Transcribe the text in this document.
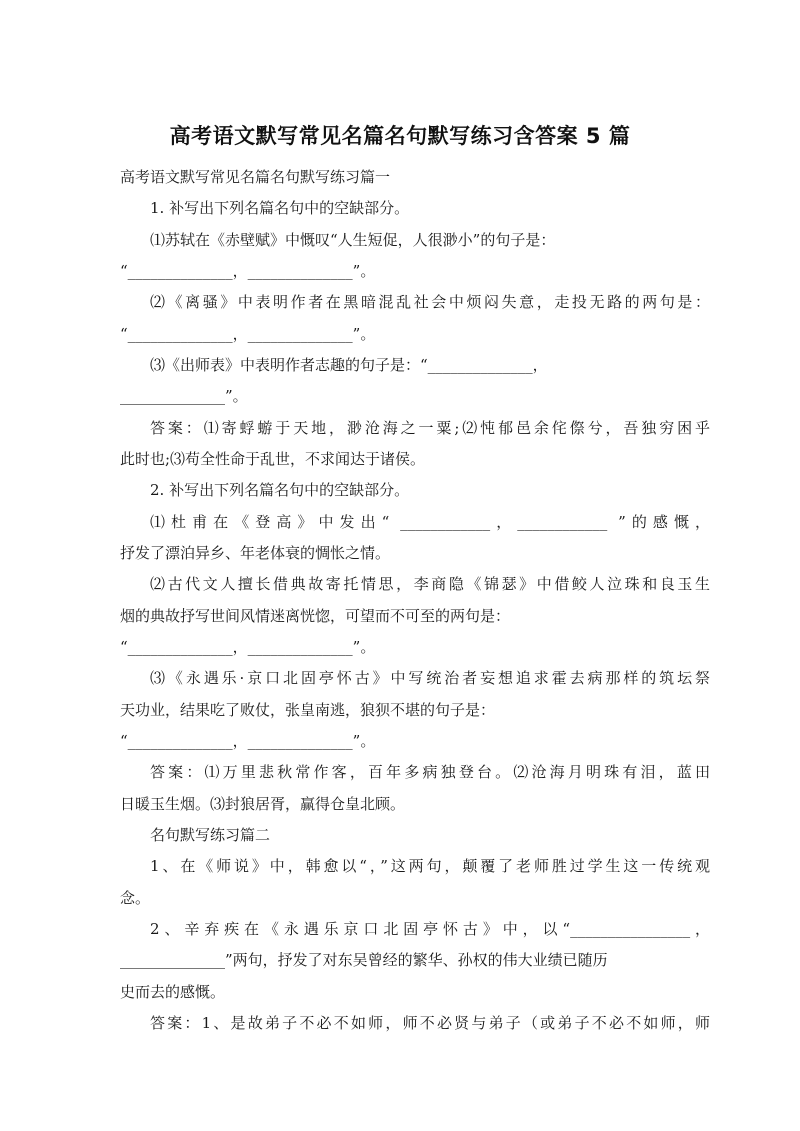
高考语文默写常见名篇名句默写练习含答案 5 篇
高考语文默写常见名篇名句默写练习篇一
1. 补写出下列名篇名句中的空缺部分。
⑴苏轼在《赤壁赋》中慨叹“人生短促，人很渺小”的句子是：
“______________，______________”。
⑵《离骚》中表明作者在黑暗混乱社会中烦闷失意，走投无路的两句是：
“______________，______________”。
⑶《出师表》中表明作者志趣的句子是：“______________，
______________”。
答案：⑴寄蜉蝣于天地，渺沧海之一粟;⑵忳郁邑余侘傺兮，吾独穷困乎
此时也;⑶苟全性命于乱世，不求闻达于诸侯。
2. 补写出下列名篇名句中的空缺部分。
⑴杜甫在《登高》中发出“ ____________，____________ ”的感慨，
抒发了漂泊异乡、年老体衰的惆怅之情。
⑵古代文人擅长借典故寄托情思，李商隐《锦瑟》中借鲛人泣珠和良玉生
烟的典故抒写世间风情迷离恍惚，可望而不可至的两句是：
“______________，______________”。
⑶《永遇乐·京口北固亭怀古》中写统治者妄想追求霍去病那样的筑坛祭
天功业，结果吃了败仗，张皇南逃，狼狈不堪的句子是：
“______________，______________”。
答案：⑴万里悲秋常作客，百年多病独登台。⑵沧海月明珠有泪，蓝田
日暖玉生烟。⑶封狼居胥，赢得仓皇北顾。
名句默写练习篇二
1、在《师说》中，韩愈以“，”这两句，颠覆了老师胜过学生这一传统观
念。
2、辛弃疾在《永遇乐京口北固亭怀古》中，以“________________，
______________”两句，抒发了对东吴曾经的繁华、孙权的伟大业绩已随历
史而去的感慨。
答案：1、是故弟子不必不如师，师不必贤与弟子（或弟子不必不如师，师
